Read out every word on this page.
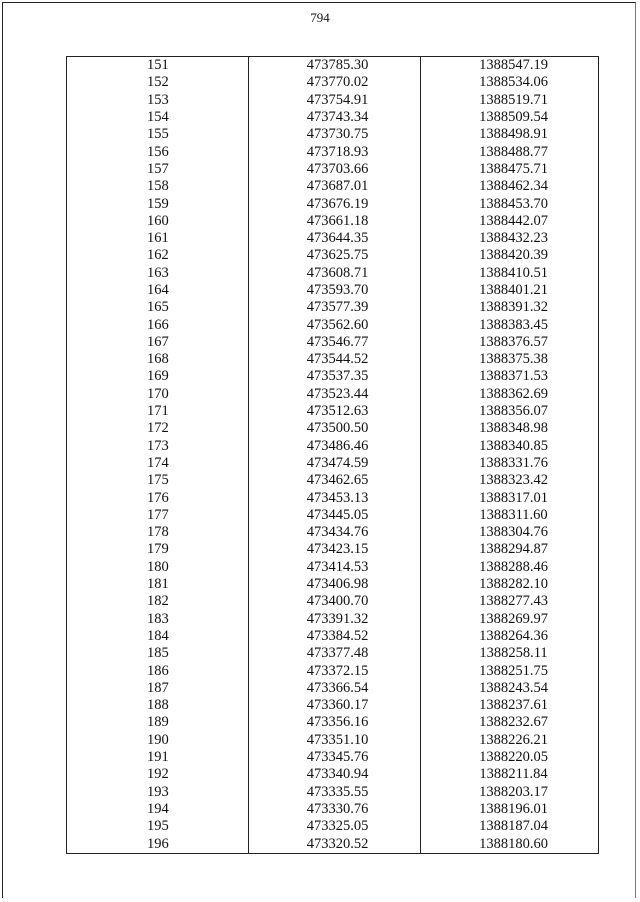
794
151	473785.30	1388547.19
152	473770.02	1388534.06
153	473754.91	1388519.71
154	473743.34	1388509.54
155	473730.75	1388498.91
156	473718.93	1388488.77
157	473703.66	1388475.71
158	473687.01	1388462.34
159	473676.19	1388453.70
160	473661.18	1388442.07
161	473644.35	1388432.23
162	473625.75	1388420.39
163	473608.71	1388410.51
164	473593.70	1388401.21
165	473577.39	1388391.32
166	473562.60	1388383.45
167	473546.77	1388376.57
168	473544.52	1388375.38
169	473537.35	1388371.53
170	473523.44	1388362.69
171	473512.63	1388356.07
172	473500.50	1388348.98
173	473486.46	1388340.85
174	473474.59	1388331.76
175	473462.65	1388323.42
176	473453.13	1388317.01
177	473445.05	1388311.60
178	473434.76	1388304.76
179	473423.15	1388294.87
180	473414.53	1388288.46
181	473406.98	1388282.10
182	473400.70	1388277.43
183	473391.32	1388269.97
184	473384.52	1388264.36
185	473377.48	1388258.11
186	473372.15	1388251.75
187	473366.54	1388243.54
188	473360.17	1388237.61
189	473356.16	1388232.67
190	473351.10	1388226.21
191	473345.76	1388220.05
192	473340.94	1388211.84
193	473335.55	1388203.17
194	473330.76	1388196.01
195	473325.05	1388187.04
196	473320.52	1388180.60
